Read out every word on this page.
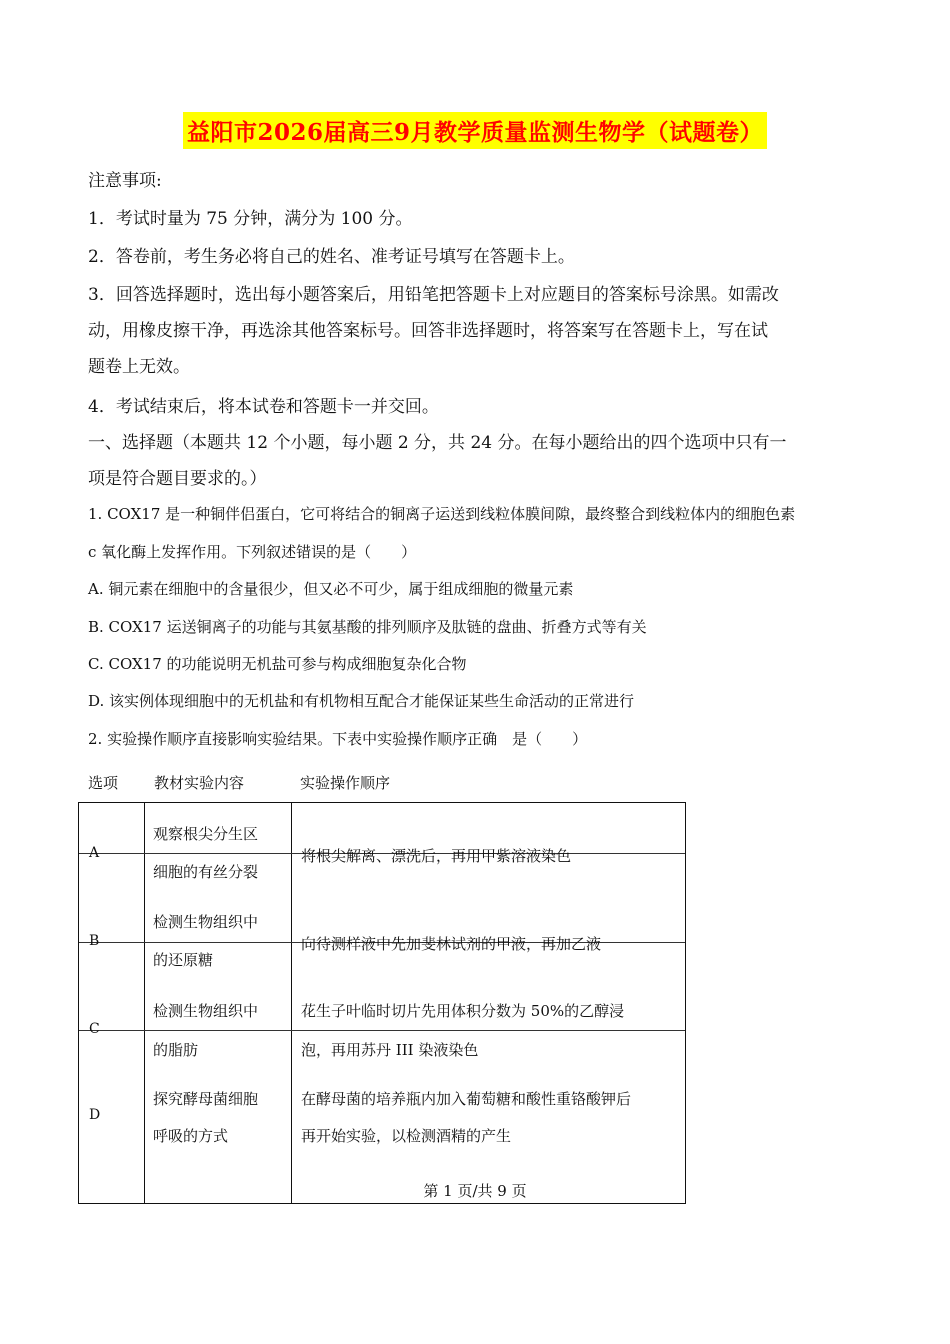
益阳市2026届高三9月教学质量监测生物学（试题卷）
注意事项:
1．考试时量为 75 分钟，满分为 100 分。
2．答卷前，考生务必将自己的姓名、准考证号填写在答题卡上。
3．回答选择题时，选出每小题答案后，用铅笔把答题卡上对应题目的答案标号涂黑。如需改
动，用橡皮擦干净，再选涂其他答案标号。回答非选择题时，将答案写在答题卡上，写在试
题卷上无效。
4．考试结束后，将本试卷和答题卡一并交回。
一、选择题（本题共 12 个小题，每小题 2 分，共 24 分。在每小题给出的四个选项中只有一
项是符合题目要求的。）
1. COX17 是一种铜伴侣蛋白，它可将结合的铜离子运送到线粒体膜间隙，最终整合到线粒体内的细胞色素
c 氧化酶上发挥作用。下列叙述错误的是（　　）
A. 铜元素在细胞中的含量很少，但又必不可少，属于组成细胞的微量元素
B. COX17 运送铜离子的功能与其氨基酸的排列顺序及肽链的盘曲、折叠方式等有关
C. COX17 的功能说明无机盐可参与构成细胞复杂化合物
D. 该实例体现细胞中的无机盐和有机物相互配合才能保证某些生命活动的正常进行
2. 实验操作顺序直接影响实验结果。下表中实验操作顺序正确　是（　　）
选项 教材实验内容	实验操作顺序
A
观察根尖分生区
细胞的有丝分裂
将根尖解离、漂洗后，再用甲紫溶液染色
B
检测生物组织中
的还原糖
向待测样液中先加斐林试剂的甲液，再加乙液
C
检测生物组织中
的脂肪
花生子叶临时切片先用体积分数为 50%的乙醇浸
泡，再用苏丹 III 染液染色
D
探究酵母菌细胞
呼吸的方式
在酵母菌的培养瓶内加入葡萄糖和酸性重铬酸钾后
再开始实验，以检测酒精的产生
第 1 页/共 9 页
